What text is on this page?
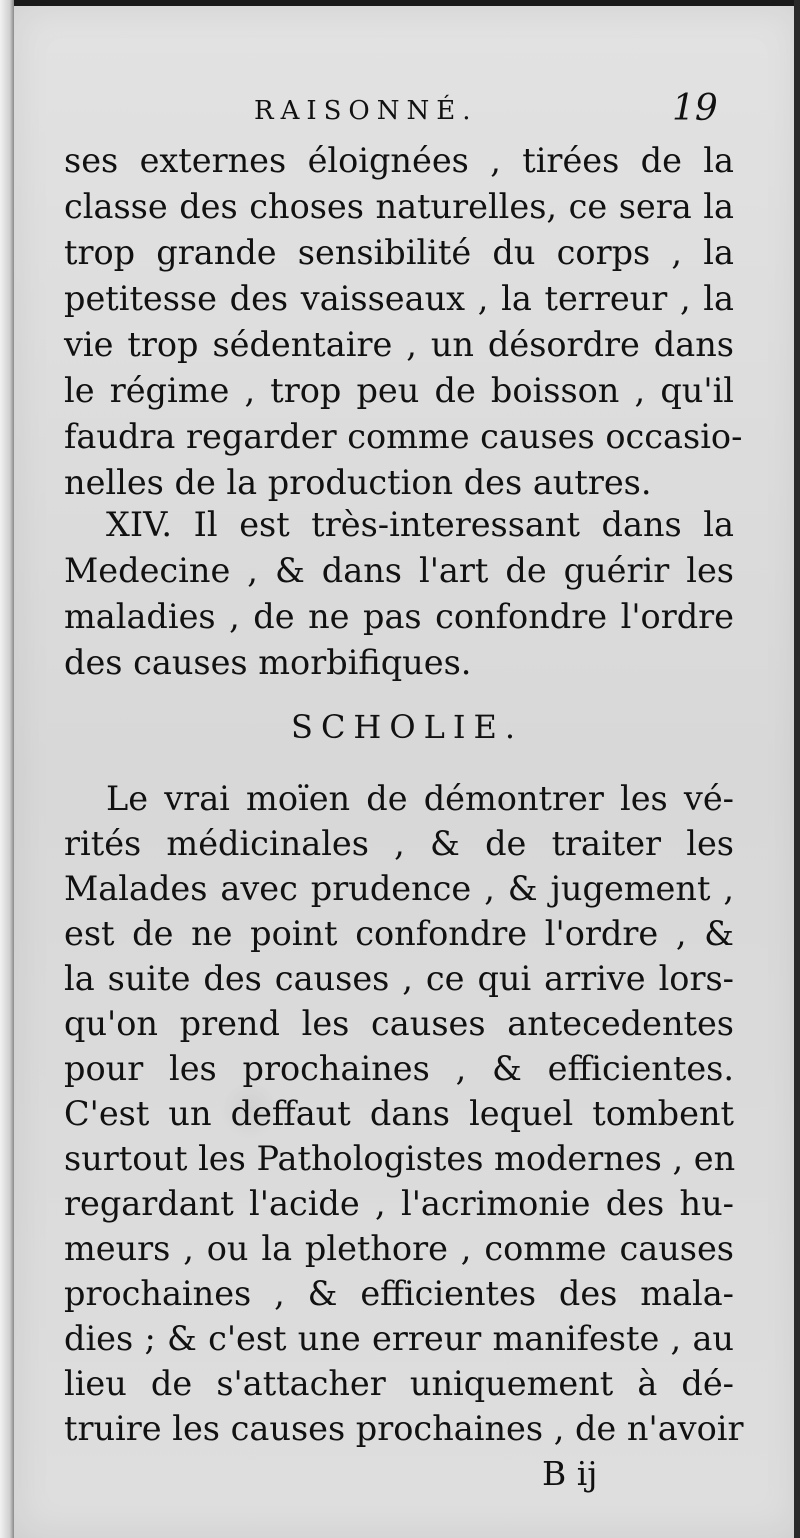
RAISONNÉ.	19
ses externes éloignées , tirées de la
classe des choses naturelles, ce sera la
trop grande sensibilité du corps , la
petitesse des vaisseaux , la terreur , la
vie trop sédentaire , un désordre dans
le régime , trop peu de boisson , qu'il
faudra regarder comme causes occasio-
nelles de la production des autres.
XIV. Il est très-interessant dans la
Medecine , & dans l'art de guérir les
maladies , de ne pas confondre l'ordre
des causes morbifiques.
SCHOLIE.
Le vrai moïen de démontrer les vé-
rités médicinales , & de traiter les
Malades avec prudence , & jugement ,
est de ne point confondre l'ordre , &
la suite des causes , ce qui arrive lors-
qu'on prend les causes antecedentes
pour les prochaines , & efficientes.
C'est un deffaut dans lequel tombent
surtout les Pathologistes modernes , en
regardant l'acide , l'acrimonie des hu-
meurs , ou la plethore , comme causes
prochaines , & efficientes des mala-
dies ; & c'est une erreur manifeste , au
lieu de s'attacher uniquement à dé-
truire les causes prochaines , de n'avoir
B ij
